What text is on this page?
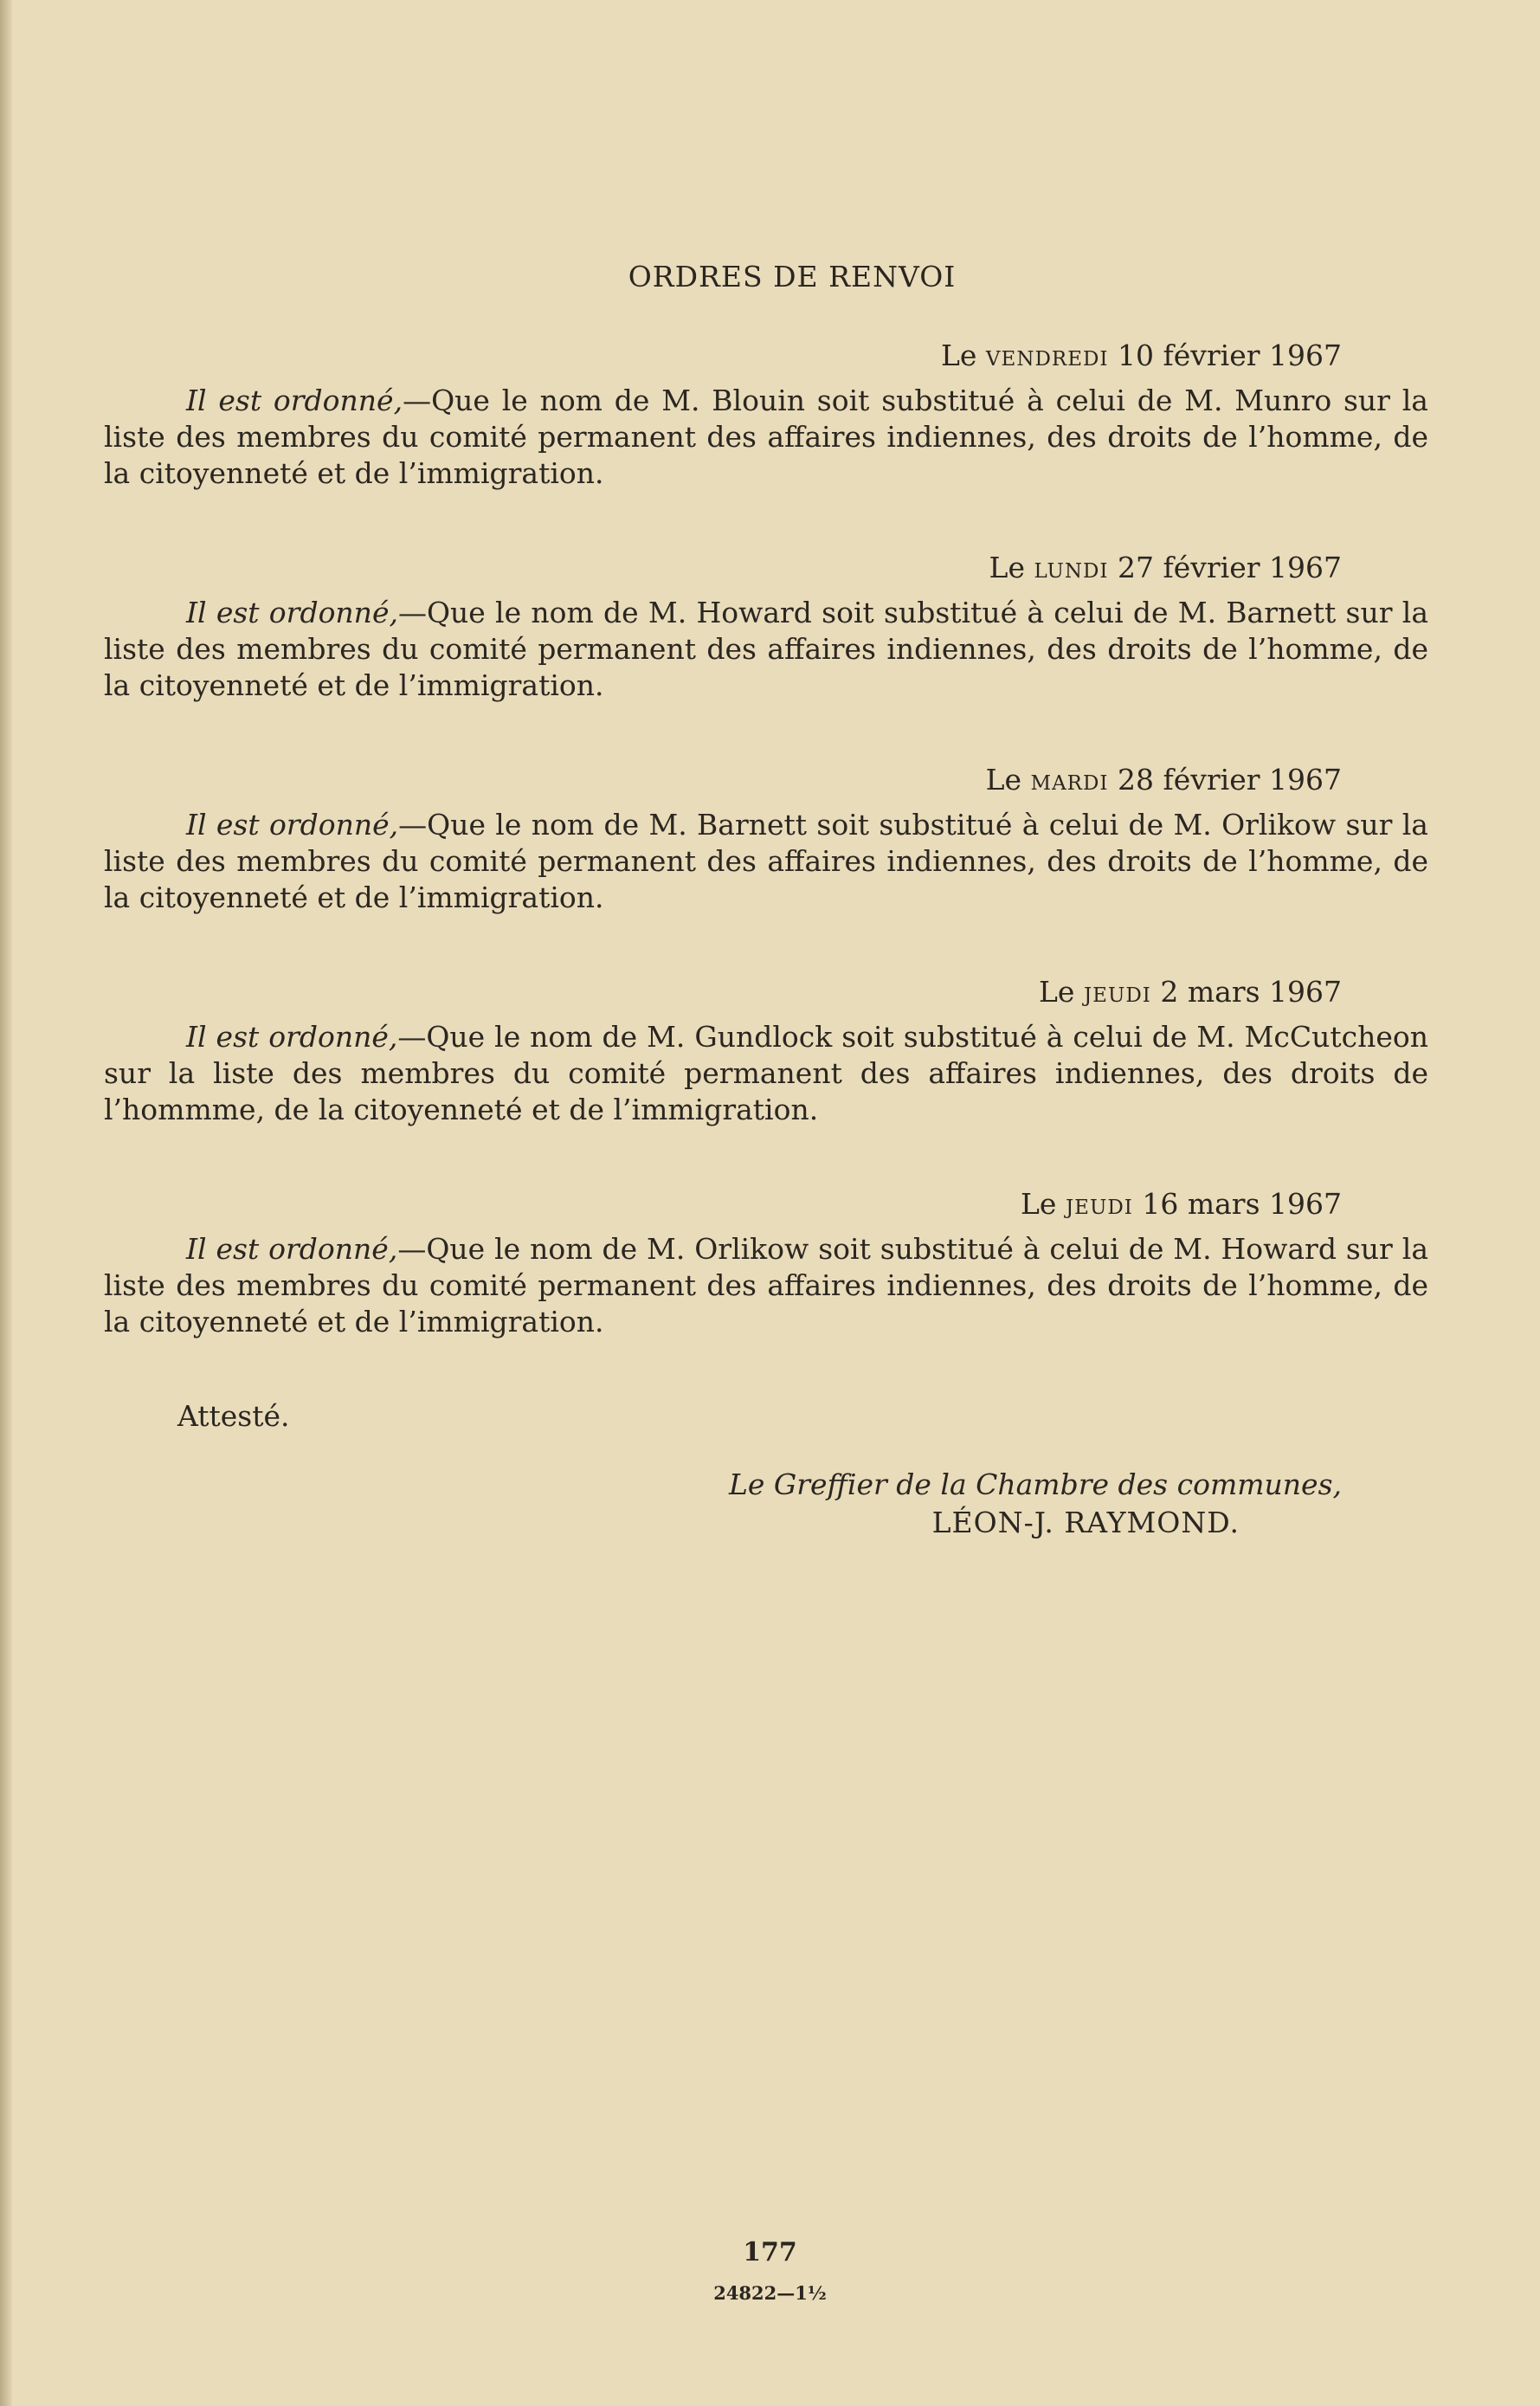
ORDRES DE RENVOI
Le vendredi 10 février 1967

Il est ordonné,—Que le nom de M. Blouin soit substitué à celui de M. Munro sur la liste des membres du comité permanent des affaires indiennes, des droits de l’homme, de la citoyenneté et de l’immigration.

Le lundi 27 février 1967

Il est ordonné,—Que le nom de M. Howard soit substitué à celui de M. Barnett sur la liste des membres du comité permanent des affaires indiennes, des droits de l’homme, de la citoyenneté et de l’immigration.

Le mardi 28 février 1967

Il est ordonné,—Que le nom de M. Barnett soit substitué à celui de M. Orlikow sur la liste des membres du comité permanent des affaires indiennes, des droits de l’homme, de la citoyenneté et de l’immigration.

Le jeudi 2 mars 1967

Il est ordonné,—Que le nom de M. Gundlock soit substitué à celui de M. McCutcheon sur la liste des membres du comité permanent des affaires indiennes, des droits de l’hommme, de la citoyenneté et de l’immigration.

Le jeudi 16 mars 1967

Il est ordonné,—Que le nom de M. Orlikow soit substitué à celui de M. Howard sur la liste des membres du comité permanent des affaires indiennes, des droits de l’homme, de la citoyenneté et de l’immigration.

Attesté.
Le Greffier de la Chambre des communes,
LÉON-J. RAYMOND.
177
24822—1½
